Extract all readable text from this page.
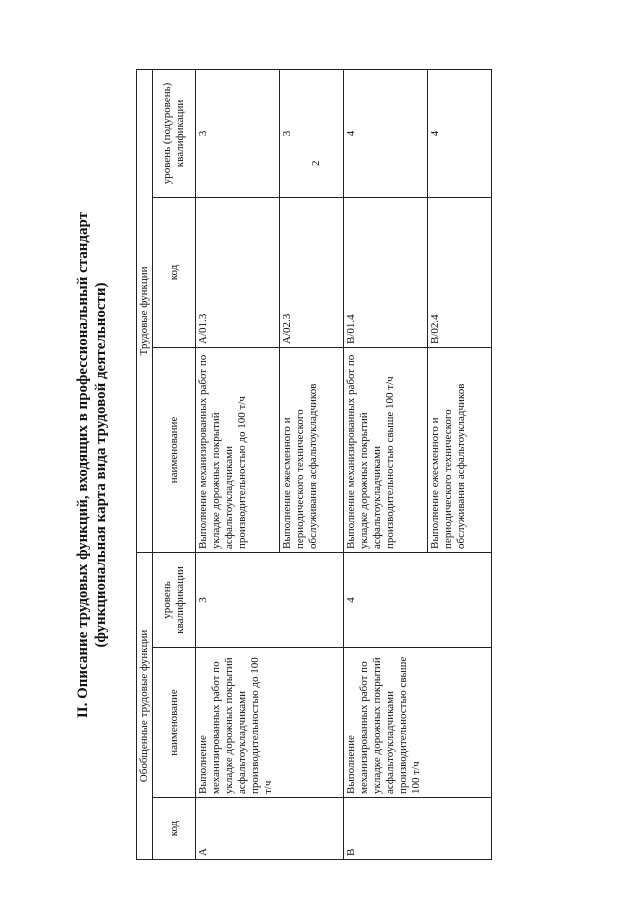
2
II. Описание трудовых функций, входящих в профессиональный стандарт (функциональная карта вида трудовой деятельности)
Обобщенные трудовые функции			Трудовые функции		
код	наименование	уровень квалификации	наименование	код	уровень (подуровень) квалификации
A	Выполнение механизированных работ по укладке дорожных покрытий асфальтоукладчиками производительностью до 100 т/ч	3	Выполнение механизированных работ по укладке дорожных покрытий асфальтоукладчиками производительностью до 100 т/ч	A/01.3	3
			Выполнение ежесменного и периодического технического обслуживания асфальтоукладчиков	A/02.3	3
B	Выполнение механизированных работ по укладке дорожных покрытий асфальтоукладчиками производительностью свыше 100 т/ч	4	Выполнение механизированных работ по укладке дорожных покрытий асфальтоукладчиками производительностью свыше 100 т/ч	B/01.4	4
			Выполнение ежесменного и периодического технического обслуживания асфальтоукладчиков	B/02.4	4
